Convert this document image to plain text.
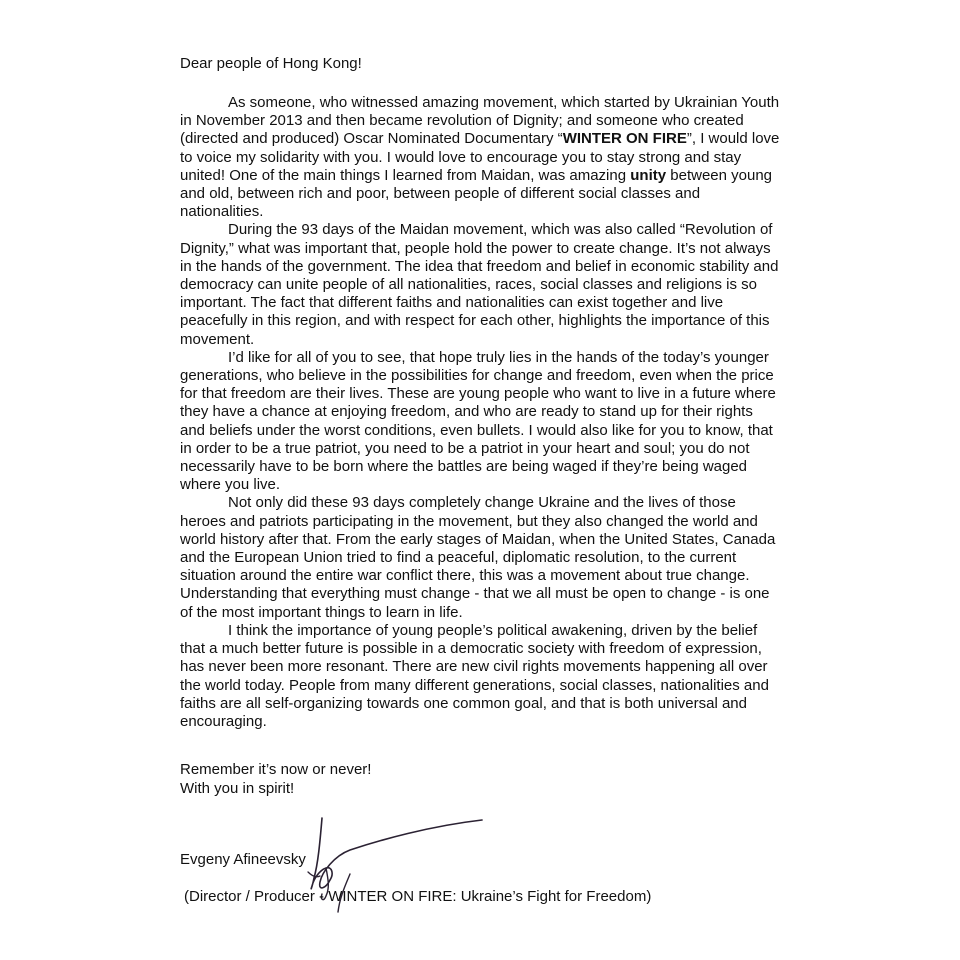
Dear people of Hong Kong!

As someone, who witnessed amazing movement, which started by Ukrainian Youth in November 2013 and then became revolution of Dignity; and someone who created (directed and produced) Oscar Nominated Documentary “WINTER ON FIRE”, I would love to voice my solidarity with you. I would love to encourage you to stay strong and stay united! One of the main things I learned from Maidan, was amazing unity between young and old, between rich and poor, between people of different social classes and nationalities.

During the 93 days of the Maidan movement, which was also called “Revolution of Dignity,” what was important that, people hold the power to create change. It’s not always in the hands of the government. The idea that freedom and belief in economic stability and democracy can unite people of all nationalities, races, social classes and religions is so important. The fact that different faiths and nationalities can exist together and live peacefully in this region, and with respect for each other, highlights the importance of this movement.

I’d like for all of you to see, that hope truly lies in the hands of the today’s younger generations, who believe in the possibilities for change and freedom, even when the price for that freedom are their lives. These are young people who want to live in a future where they have a chance at enjoying freedom, and who are ready to stand up for their rights and beliefs under the worst conditions, even bullets. I would also like for you to know, that in order to be a true patriot, you need to be a patriot in your heart and soul; you do not necessarily have to be born where the battles are being waged if they’re being waged where you live.

Not only did these 93 days completely change Ukraine and the lives of those heroes and patriots participating in the movement, but they also changed the world and world history after that. From the early stages of Maidan, when the United States, Canada and the European Union tried to find a peaceful, diplomatic resolution, to the current situation around the entire war conflict there, this was a movement about true change. Understanding that everything must change - that we all must be open to change - is one of the most important things to learn in life.

I think the importance of young people’s political awakening, driven by the belief that a much better future is possible in a democratic society with freedom of expression, has never been more resonant. There are new civil rights movements happening all over the world today. People from many different generations, social classes, nationalities and faiths are all self-organizing towards one common goal, and that is both universal and encouraging.

Remember it’s now or never!
With you in spirit!
Evgeny Afineevsky
(Director / Producer - WINTER ON FIRE: Ukraine’s Fight for Freedom)
